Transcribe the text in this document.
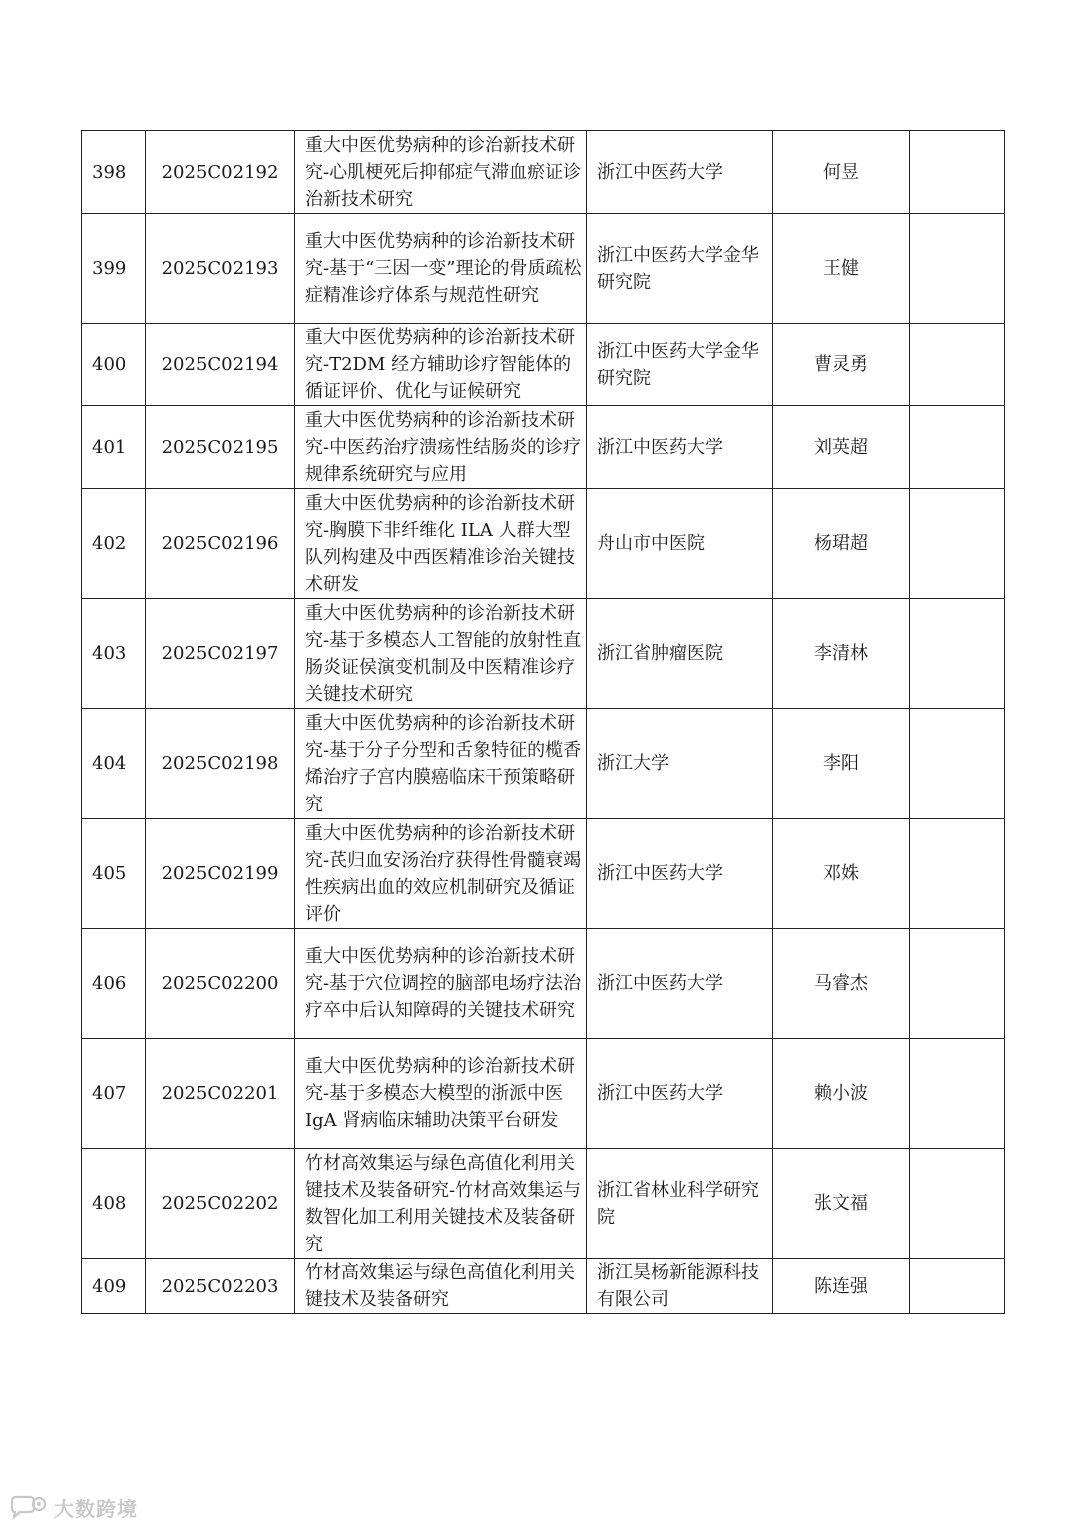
398	2025C02192	重大中医优势病种的诊治新技术研究-心肌梗死后抑郁症气滞血瘀证诊治新技术研究	浙江中医药大学	何昱	
399	2025C02193	重大中医优势病种的诊治新技术研究-基于“三因一变”理论的骨质疏松症精准诊疗体系与规范性研究	浙江中医药大学金华研究院	王健	
400	2025C02194	重大中医优势病种的诊治新技术研究-T2DM 经方辅助诊疗智能体的循证评价、优化与证候研究	浙江中医药大学金华研究院	曹灵勇	
401	2025C02195	重大中医优势病种的诊治新技术研究-中医药治疗溃疡性结肠炎的诊疗规律系统研究与应用	浙江中医药大学	刘英超	
402	2025C02196	重大中医优势病种的诊治新技术研究-胸膜下非纤维化 ILA 人群大型队列构建及中西医精准诊治关键技术研发	舟山市中医院	杨珺超	
403	2025C02197	重大中医优势病种的诊治新技术研究-基于多模态人工智能的放射性直肠炎证侯演变机制及中医精准诊疗关键技术研究	浙江省肿瘤医院	李清林	
404	2025C02198	重大中医优势病种的诊治新技术研究-基于分子分型和舌象特征的榄香烯治疗子宫内膜癌临床干预策略研究	浙江大学	李阳	
405	2025C02199	重大中医优势病种的诊治新技术研究-芪归血安汤治疗获得性骨髓衰竭性疾病出血的效应机制研究及循证评价	浙江中医药大学	邓姝	
406	2025C02200	重大中医优势病种的诊治新技术研究-基于穴位调控的脑部电场疗法治疗卒中后认知障碍的关键技术研究	浙江中医药大学	马睿杰	
407	2025C02201	重大中医优势病种的诊治新技术研究-基于多模态大模型的浙派中医 IgA 肾病临床辅助决策平台研发	浙江中医药大学	赖小波	
408	2025C02202	竹材高效集运与绿色高值化利用关键技术及装备研究-竹材高效集运与数智化加工利用关键技术及装备研究	浙江省林业科学研究院	张文福	
409	2025C02203	竹材高效集运与绿色高值化利用关键技术及装备研究	浙江昊杨新能源科技有限公司	陈连强	
大数跨境
